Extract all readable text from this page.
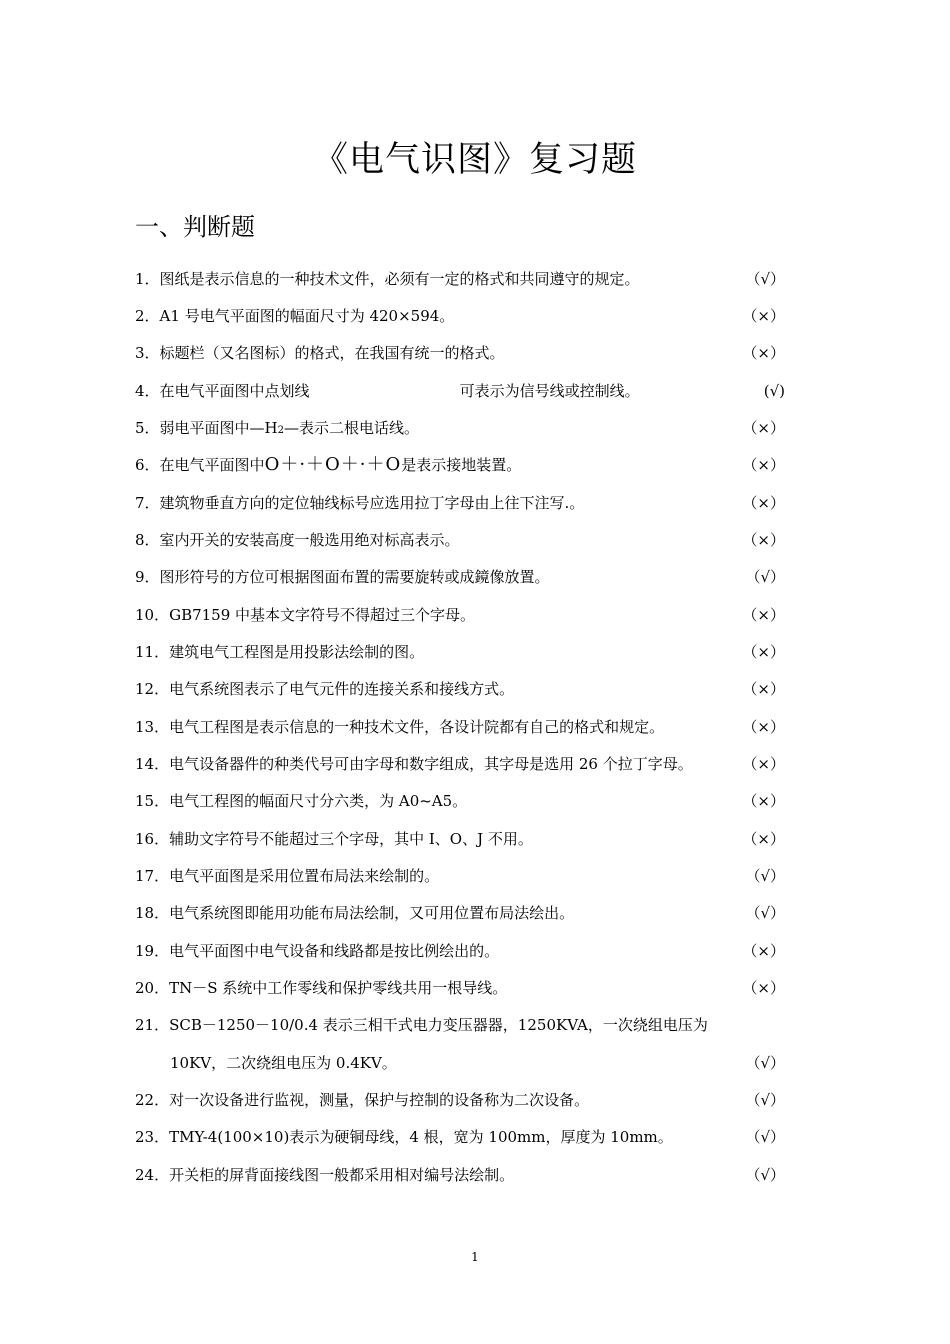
《电气识图》复习题
一、判断题
1．图纸是表示信息的一种技术文件，必须有一定的格式和共同遵守的规定。	（√）
2．A1 号电气平面图的幅面尺寸为 420×594。	（×）
3．标题栏（又名图标）的格式，在我国有统一的格式。	（×）
4．在电气平面图中点划线	可表示为信号线或控制线。	(√)
5．弱电平面图中—H2—表示二根电话线。	（×）
6．在电气平面图中O＋·＋O＋·＋O是表示接地装置。	（×）
7．建筑物垂直方向的定位轴线标号应选用拉丁字母由上往下注写.。	（×）
8．室内开关的安装高度一般选用绝对标高表示。	（×）
9．图形符号的方位可根据图面布置的需要旋转或成鏡像放置。	（√）
10．GB7159 中基本文字符号不得超过三个字母。	（×）
11．建筑电气工程图是用投影法绘制的图。	（×）
12．电气系统图表示了电气元件的连接关系和接线方式。	（×）
13．电气工程图是表示信息的一种技术文件，各设计院都有自己的格式和规定。	（×）
14．电气设备器件的种类代号可由字母和数字组成，其字母是选用 26 个拉丁字母。	（×）
15．电气工程图的幅面尺寸分六类，为 A0~A5。	（×）
16．辅助文字符号不能超过三个字母，其中 I、O、J 不用。	（×）
17．电气平面图是采用位置布局法来绘制的。	（√）
18．电气系统图即能用功能布局法绘制，又可用位置布局法绘出。	（√）
19．电气平面图中电气设备和线路都是按比例绘出的。	（×）
20．TN－S 系统中工作零线和保护零线共用一根导线。	（×）
21．SCB－1250－10/0.4 表示三相干式电力变压器器，1250KVA，一次绕组电压为
10KV，二次绕组电压为 0.4KV。	（√）
22．对一次设备进行监视，测量，保护与控制的设备称为二次设备。	（√）
23．TMY-4(100×10)表示为硬铜母线，4 根，宽为 100mm，厚度为 10mm。	（√）
24．开关柜的屏背面接线图一般都采用相对编号法绘制。	（√）
1
